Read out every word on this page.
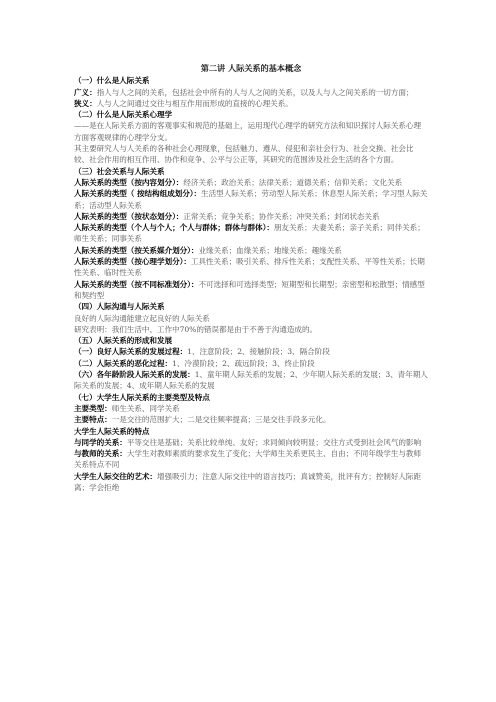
第二讲 人际关系的基本概念
（一）什么是人际关系
广义：指人与人之间的关系，包括社会中所有的人与人之间的关系，以及人与人之间关系的一切方面；
狭义：人与人之间通过交往与相互作用而形成的直接的心理关系。
（二）什么是人际关系心理学
——是在人际关系方面的客观事实和规范的基础上，运用现代心理学的研究方法和知识探讨人际关系心理方面客观规律的心理学分支。
其主要研究人与人关系的各种社会心理现象，包括魅力、遵从、侵犯和亲社会行为、社会交换、社会比较、社会作用的相互作用、协作和竞争、公平与公正等，其研究的范围涉及社会生活的各个方面。
（三）社会关系与人际关系
人际关系的类型（按内容划分）：经济关系；政治关系；法律关系；道德关系；信仰关系；文化关系
人际关系的类型（ 按结构组成划分）：生活型人际关系；劳动型人际关系；休息型人际关系；学习型人际关系；活动型人际关系
人际关系的类型（按状态划分）：正常关系；竞争关系；协作关系；冲突关系；封闭状态关系
人际关系的类型（个人与个人；个人与群体；群体与群体）：朋友关系；夫妻关系；亲子关系；同伴关系；师生关系；同事关系
人际关系的类型（按关系媒介划分）：业缘关系；血缘关系；地缘关系；趣缘关系
人际关系的类型（按心理学划分）：工具性关系；吸引关系、排斥性关系；支配性关系、平等性关系；长期性关系、临时性关系
人际关系的类型（按不同标准划分）：不可选择和可选择类型；短期型和长期型；亲密型和松散型；情感型和契约型
（四）人际沟通与人际关系
良好的人际沟通能建立起良好的人际关系
研究表明：我们生活中、工作中70%的错误都是由于不善于沟通造成的。
（五）人际关系的形成和发展
（一）良好人际关系的发展过程：1、注意阶段；2、接触阶段；3、隔合阶段
（二）人际关系的恶化过程：1、冷漠阶段；2、疏远阶段；3、终止阶段
（六）各年龄阶段人际关系的发展：1、童年期人际关系的发展；2、少年期人际关系的发展；3、青年期人际关系的发展；4、成年期人际关系的发展
（七）大学生人际关系的主要类型及特点
主要类型：师生关系、同学关系
主要特点：一是交往的范围扩大；二是交往频率提高；三是交往手段多元化。
大学生人际关系的特点
与同学的关系：平等交往是基础；关系比较单纯、友好；求同倾向较明显；交往方式受到社会风气的影响
与教师的关系：大学生对教师素质的要求发生了变化；大学师生关系更民主、自由；不同年级学生与教师关系特点不同
大学生人际交往的艺术：增强吸引力；注意人际交往中的语言技巧；真诚赞美，批评有方；控制好人际距离；学会拒绝
